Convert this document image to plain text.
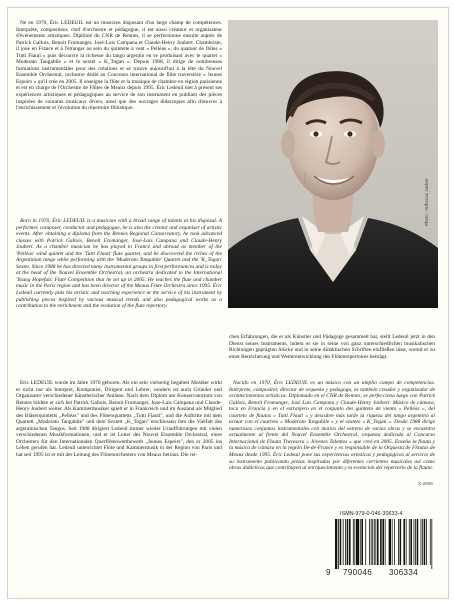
Né en 1970, Éric LEDEUIL est un musicien disposant d'un large champ de compétences. Interprète, compositeur, chef d'orchestre et pédagogue, il est aussi créateur et organisateur d'événements artistiques. Diplômé du CNR de Rennes, il se perfectionne ensuite auprès de Patrick Gallois, Benoit Fromanger, José-Luis Campana et Claude-Henry Joubert. Chambriste, il joue en France et à l'étranger au sein du quintette à vent « Pelléas », du quatuor de flûtes « Tutti Flauti » puis découvre la richesse du tango argentin en se produisant avec le quartet « Moderato Tangabile » et le sextet « K_Togan ». Depuis 1988, il dirige de nombreuses formations instrumentales pour des créations et se trouve aujourd'hui à la tête du Nouvel Ensemble Orchestral, orchestre dédié au Concours international de flûte traversière « Jeunes Espoirs » qu'il crée en 2005. Il enseigne la flûte et la musique de chambre en région parisienne et est en charge de l'Orchestre de Flûtes de Meaux depuis 1995. Éric Ledeuil met à présent ses expériences artistiques et pédagogiques au service de son instrument en publiant des pièces inspirées de courants musicaux divers, ainsi que des ouvrages didactiques afin d'œuvrer à l'enrichissement et l'évolution du répertoire flûtistique.

Born in 1970, Éric LEDEUIL is a musician with a broad range of talents at his disposal. A performer, composer, conductor and pedagogue, he is also the creator and organiser of artistic events. After obtaining a diploma from the Rennes Regional Conservatory, he took advanced classes with Patrick Gallois, Benoît Fromanger, José-Luis Campana and Claude-Henry Joubert. As a chamber musician he has played in France and abroad as member of the 'Pelléas' wind quintet and the 'Tutti Flauti' flute quartet, and he discovered the riches of the Argentinian tango while performing with the 'Moderato Tangabile' Quartet and the 'K_Togan' Sextet. Since 1988 he has directed many instrumental groups in first performances and is today at the head of the Nouvel Ensemble Orchestral, an orchestra dedicated to the International 'Young Hopefuls' Flute Competition that he set up in 2005. He teaches the flute and chamber music in the Paris region and has been director of the Meaux Flute Orchestra since 1995. Éric Ledeuil currently puts his artistic and teaching experience at the service of his instrument by publishing pieces inspired by various musical trends and also pedagogical works as a contribution to the enrichment and the evolution of the flute repertory.

Eric LEDEUIL wurde im Jahre 1970 geboren. Als ein sehr vielseitig begabter Musiker wirkt er nicht nur als Interpret, Komponist, Dirigent und Lehrer, sondern ist auch Gründer und Organisator verschiedener künstlerischer Anlässe. Nach dem Diplom am Konservatorium von Rennes bildete er sich bei Patrick Gallois, Benoit Fromanger, Jose-Luis Campana und Claude-Henry Joubert weiter. Als Kammermusiker spielt er in Frankreich und im Ausland als Mitglied des Bläserquintetts „Pelléas" und des Flötenquartetts „Tutti Flauti", und die Auftritte mit dem Quartett „Moderato Tangabile" und dem Sextett „K_Togan" erschlossen ihm die Vielfalt des argentinischen Tangos. Seit 1988 dirigiert Ledeuil immer wieder Uraufführungen mit vielen verschiedenen Musikformationen, und er ist Leiter des Nouvel Ensemble Orchestral, eines Orchesters für den Internationalen Querflötenwettbewerb „Jeunes Espoirs", den er 2005 ins Leben gerufen hat. Ledeuil unterrichtet Flöte und Kammermusik in der Region von Paris und hat seit 1995 ist er mit der Leitung des Flötenorchesters von Meaux betraut. Die rei-

Photo : Arthousz Jacker

chen Erfahrungen, die er als Künstler und Pädagoge gesammelt hat, stellt Ledeuil jetzt in den Dienst seines Instruments, indem er sie in seine von ganz unterschiedlichen musikalischen Richtungen geprägten Stücke und in seine didaktischen Schriften einfließen lässt, womit er zu einer Bereicherung und Weiterentwicklung des Flötenrepertoires beiträgt.

Nacido en 1970, Éric LEDEUIL es un músico con un amplio campo de competencias. Intérprete, compositor, director de orquesta y pedagogo, es también creador y organizador de acontecimientos artísticos. Diplomado en el CNR de Rennes, se perfecciona luego con Patrick Gallois, Benoît Fromanger, José Luis Campana y Claude-Henry Joubert. Músico de cámara, toca en Francia y en el extranjero en el conjunto des quinteto de viento « Pelléas », del cuarteto de flautas « Tutti Flauti » y descubre más tarde la riqueza del tango argentino al actuar con el cuarteto « Moderato Tangabile » y el sexteto « K_Togan ». Desde 1988 dirige numerosos conjuntos instrumentales con motivo del estreno de varias obras y se encuentra actualmente al frente del Nouvel Ensemble Orchestral, orquesta dedicada al Concurso Internacional de Flauta Travesera « Jóvenes Talentos » que creó en 2005. Enseña la flauta y la música de cámara en la región Ile-de-France y es responsable de la Orquesta de Flautas de Meaux desde 1995. Éric Ledeuil pone sus experiencias artísticas y pedagógicas al servicio de su instrumento publicando piezas inspiradas por diferentes corrientes musicales así como obras didácticas que contribuyen al enriquecimiento y la evolución del repertorio de la flauta.

X-2009
ISMN-979-0-046-30633-4
9 790046 306334
